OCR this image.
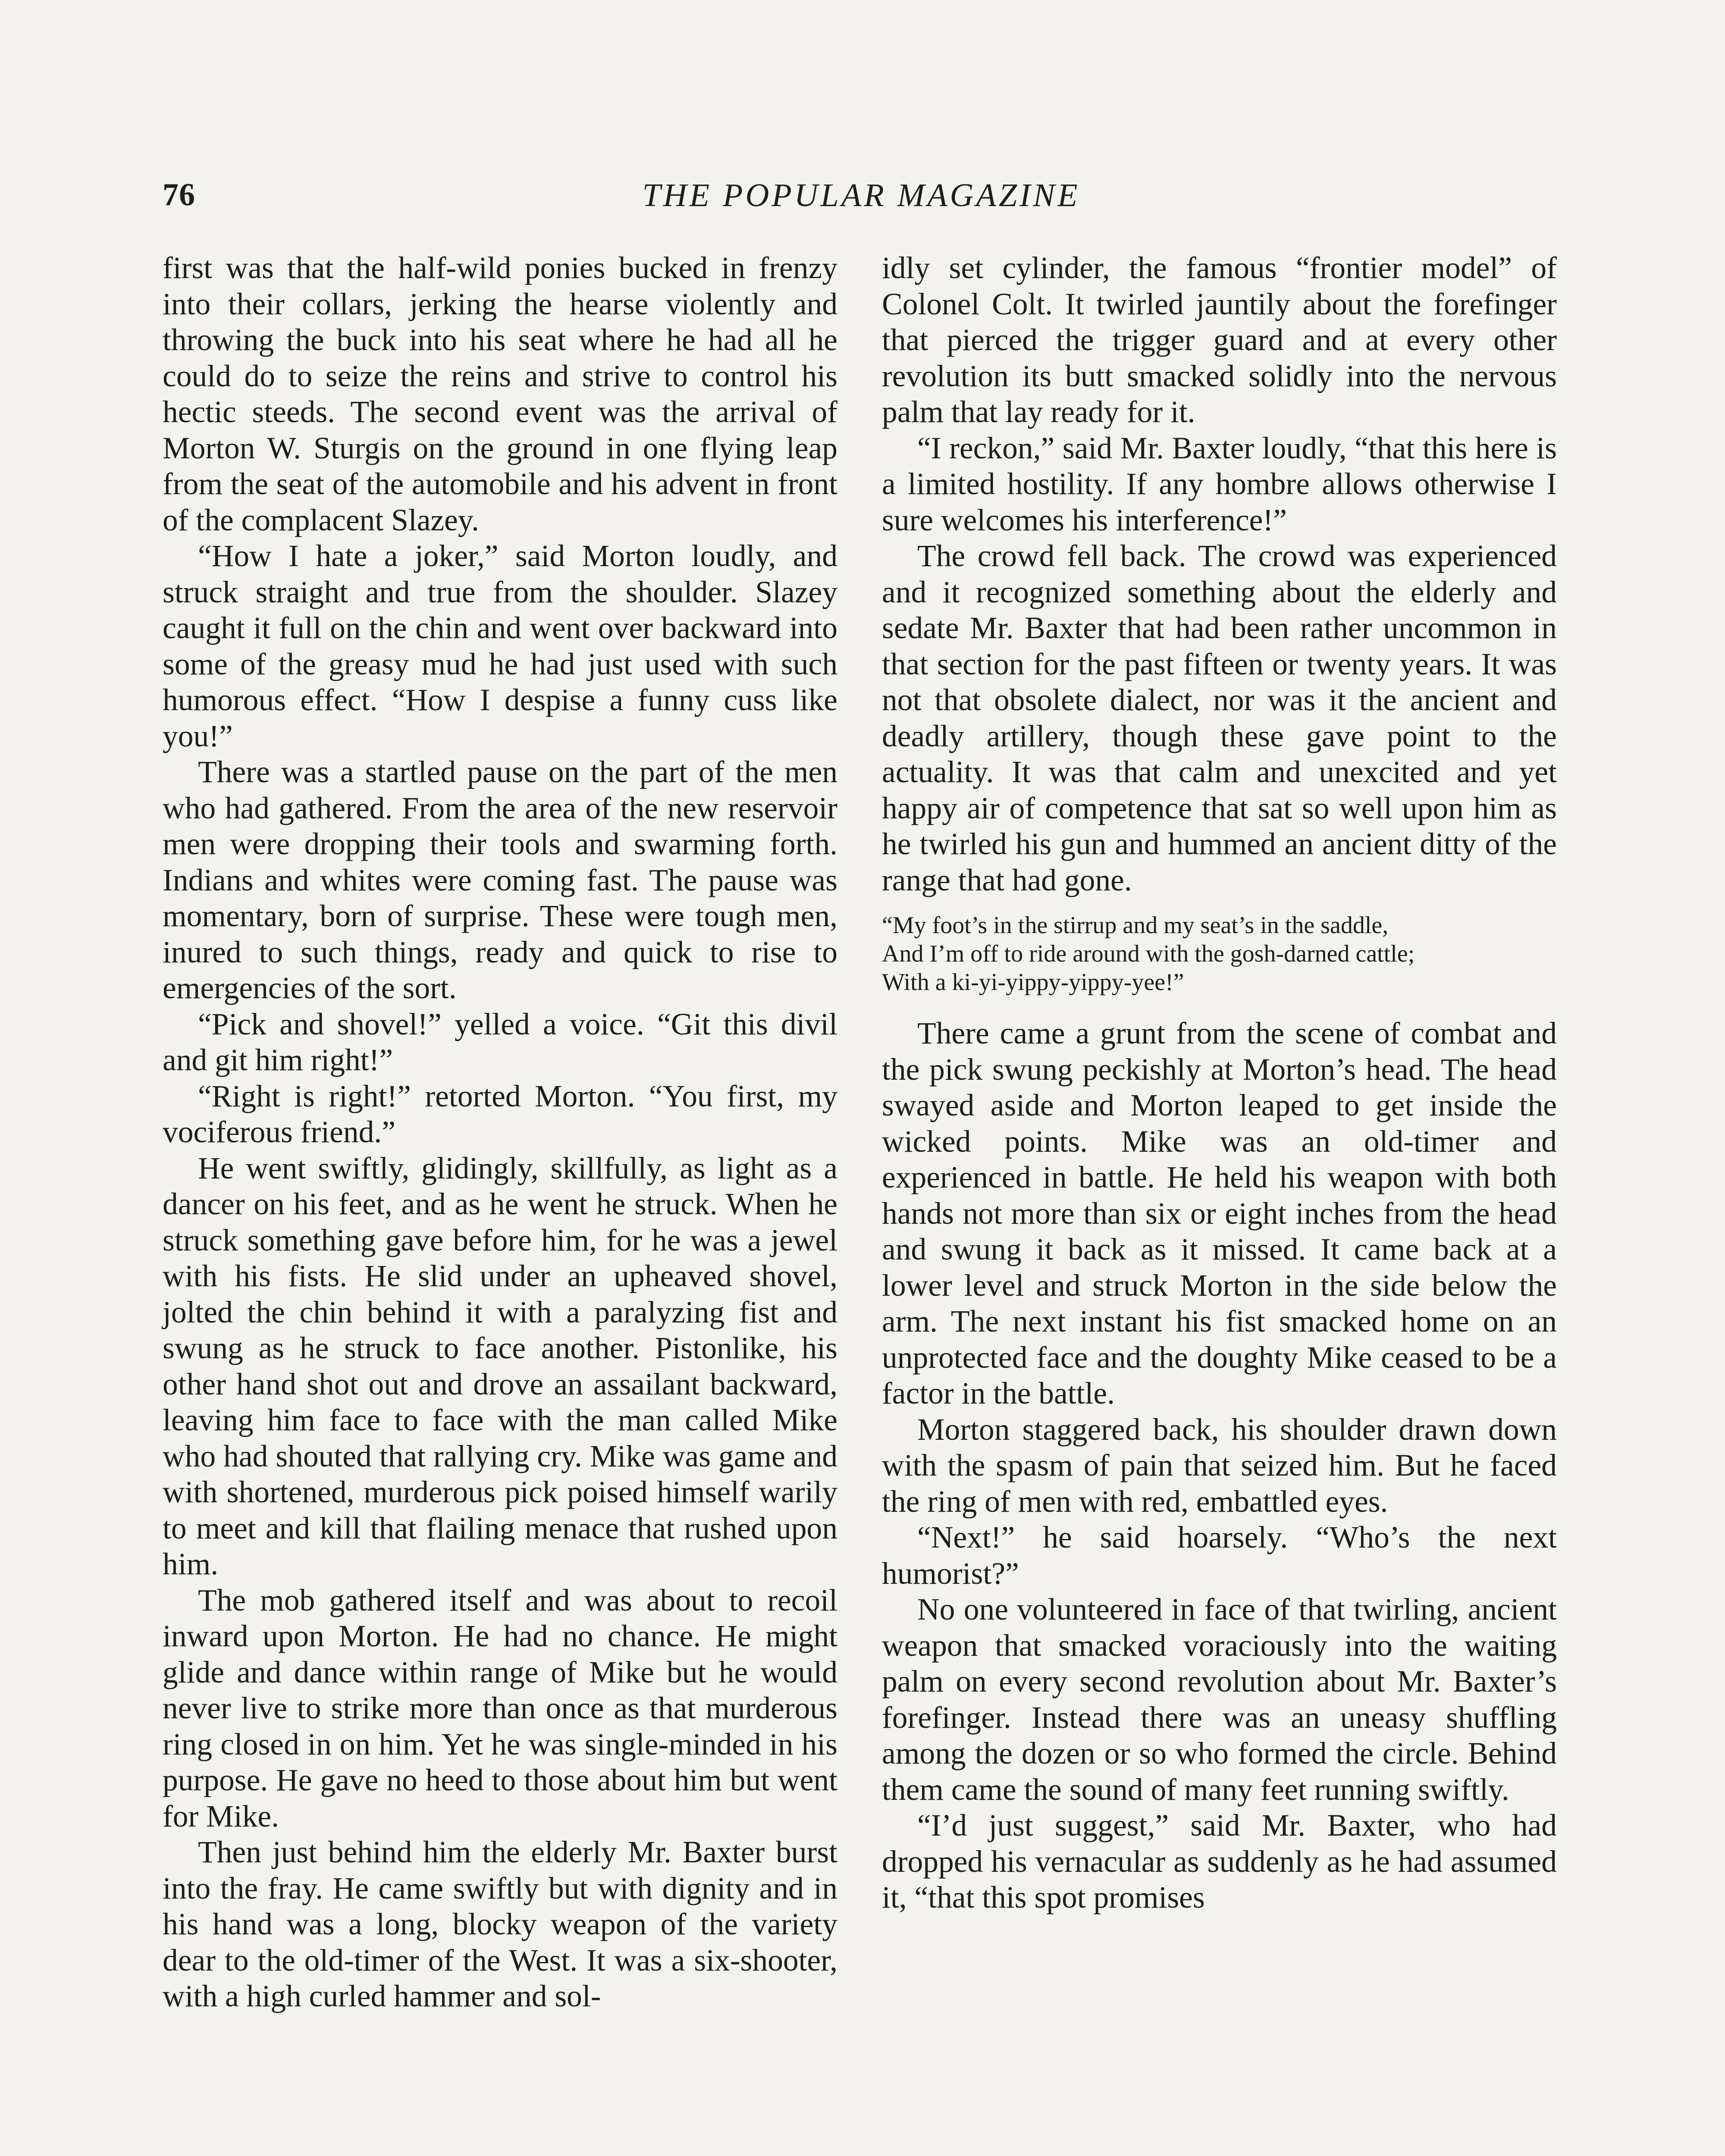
76	THE POPULAR MAGAZINE

first was that the half-wild ponies bucked in frenzy into their collars, jerking the hearse violently and throwing the buck into his seat where he had all he could do to seize the reins and strive to control his hectic steeds. The second event was the arrival of Morton W. Sturgis on the ground in one flying leap from the seat of the automobile and his advent in front of the complacent Slazey.

“How I hate a joker,” said Morton loudly, and struck straight and true from the shoulder. Slazey caught it full on the chin and went over backward into some of the greasy mud he had just used with such humorous effect. “How I despise a funny cuss like you!”

There was a startled pause on the part of the men who had gathered. From the area of the new reservoir men were dropping their tools and swarming forth. Indians and whites were coming fast. The pause was momentary, born of surprise. These were tough men, inured to such things, ready and quick to rise to emergencies of the sort.

“Pick and shovel!” yelled a voice. “Git this divil and git him right!”

“Right is right!” retorted Morton. “You first, my vociferous friend.”

He went swiftly, glidingly, skillfully, as light as a dancer on his feet, and as he went he struck. When he struck something gave before him, for he was a jewel with his fists. He slid under an upheaved shovel, jolted the chin behind it with a paralyzing fist and swung as he struck to face another. Pistonlike, his other hand shot out and drove an assailant backward, leaving him face to face with the man called Mike who had shouted that rallying cry. Mike was game and with shortened, murderous pick poised himself warily to meet and kill that flailing menace that rushed upon him.

The mob gathered itself and was about to recoil inward upon Morton. He had no chance. He might glide and dance within range of Mike but he would never live to strike more than once as that murderous ring closed in on him. Yet he was single-minded in his purpose. He gave no heed to those about him but went for Mike.

Then just behind him the elderly Mr. Baxter burst into the fray. He came swiftly but with dignity and in his hand was a long, blocky weapon of the variety dear to the old-timer of the West. It was a six-shooter, with a high curled hammer and sol-

idly set cylinder, the famous “frontier model” of Colonel Colt. It twirled jauntily about the forefinger that pierced the trigger guard and at every other revolution its butt smacked solidly into the nervous palm that lay ready for it.

“I reckon,” said Mr. Baxter loudly, “that this here is a limited hostility. If any hombre allows otherwise I sure welcomes his interference!”

The crowd fell back. The crowd was experienced and it recognized something about the elderly and sedate Mr. Baxter that had been rather uncommon in that section for the past fifteen or twenty years. It was not that obsolete dialect, nor was it the ancient and deadly artillery, though these gave point to the actuality. It was that calm and unexcited and yet happy air of competence that sat so well upon him as he twirled his gun and hummed an ancient ditty of the range that had gone.

“My foot’s in the stirrup and my seat’s in the saddle,
And I’m off to ride around with the gosh-darned cattle;
With a ki-yi-yippy-yippy-yee!”

There came a grunt from the scene of combat and the pick swung peckishly at Morton’s head. The head swayed aside and Morton leaped to get inside the wicked points. Mike was an old-timer and experienced in battle. He held his weapon with both hands not more than six or eight inches from the head and swung it back as it missed. It came back at a lower level and struck Morton in the side below the arm. The next instant his fist smacked home on an unprotected face and the doughty Mike ceased to be a factor in the battle.

Morton staggered back, his shoulder drawn down with the spasm of pain that seized him. But he faced the ring of men with red, embattled eyes.

“Next!” he said hoarsely. “Who’s the next humorist?”

No one volunteered in face of that twirling, ancient weapon that smacked voraciously into the waiting palm on every second revolution about Mr. Baxter’s forefinger. Instead there was an uneasy shuffling among the dozen or so who formed the circle. Behind them came the sound of many feet running swiftly.

“I’d just suggest,” said Mr. Baxter, who had dropped his vernacular as suddenly as he had assumed it, “that this spot promises
